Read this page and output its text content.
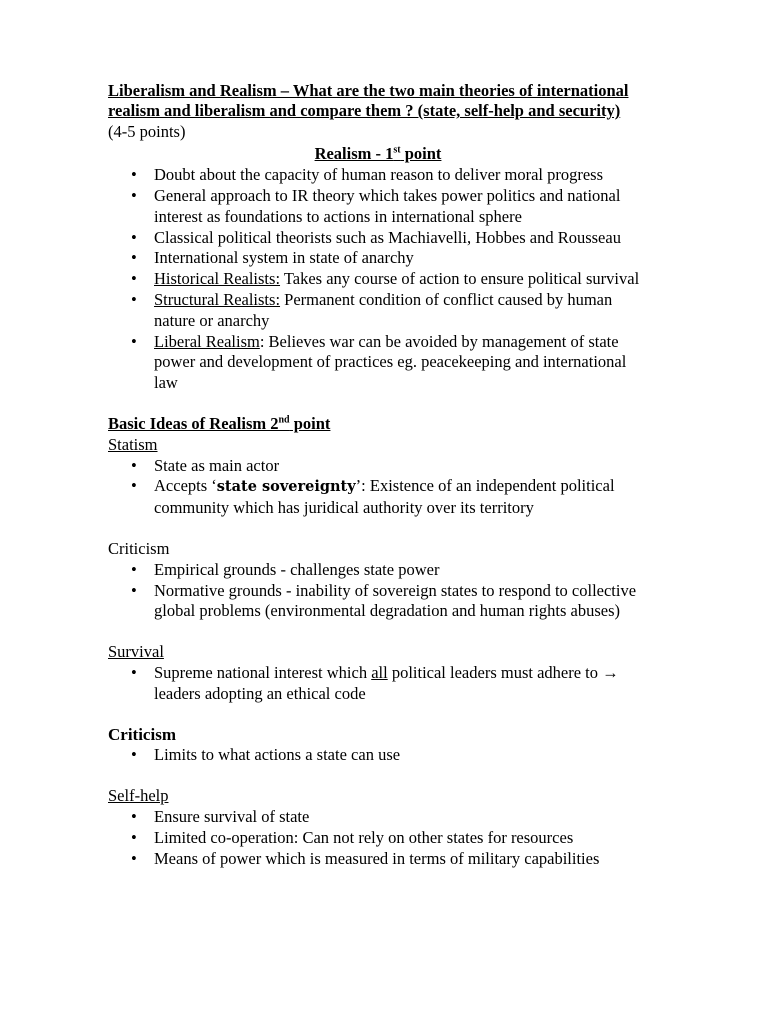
Liberalism and Realism – What are the two main theories of international realism and liberalism and compare them ? (state, self-help and security)
(4-5 points)
Realism - 1st point
• Doubt about the capacity of human reason to deliver moral progress
• General approach to IR theory which takes power politics and national interest as foundations to actions in international sphere
• Classical political theorists such as Machiavelli, Hobbes and Rousseau
• International system in state of anarchy
• Historical Realists: Takes any course of action to ensure political survival
• Structural Realists: Permanent condition of conflict caused by human nature or anarchy
• Liberal Realism: Believes war can be avoided by management of state power and development of practices eg. peacekeeping and international law
Basic Ideas of Realism 2nd point
Statism
• State as main actor
• Accepts ‘state sovereignty’: Existence of an independent political community which has juridical authority over its territory
Criticism
• Empirical grounds - challenges state power
• Normative grounds - inability of sovereign states to respond to collective global problems (environmental degradation and human rights abuses)
Survival
• Supreme national interest which all political leaders must adhere to → leaders adopting an ethical code
Criticism
• Limits to what actions a state can use
Self-help
• Ensure survival of state
• Limited co-operation: Can not rely on other states for resources
• Means of power which is measured in terms of military capabilities
